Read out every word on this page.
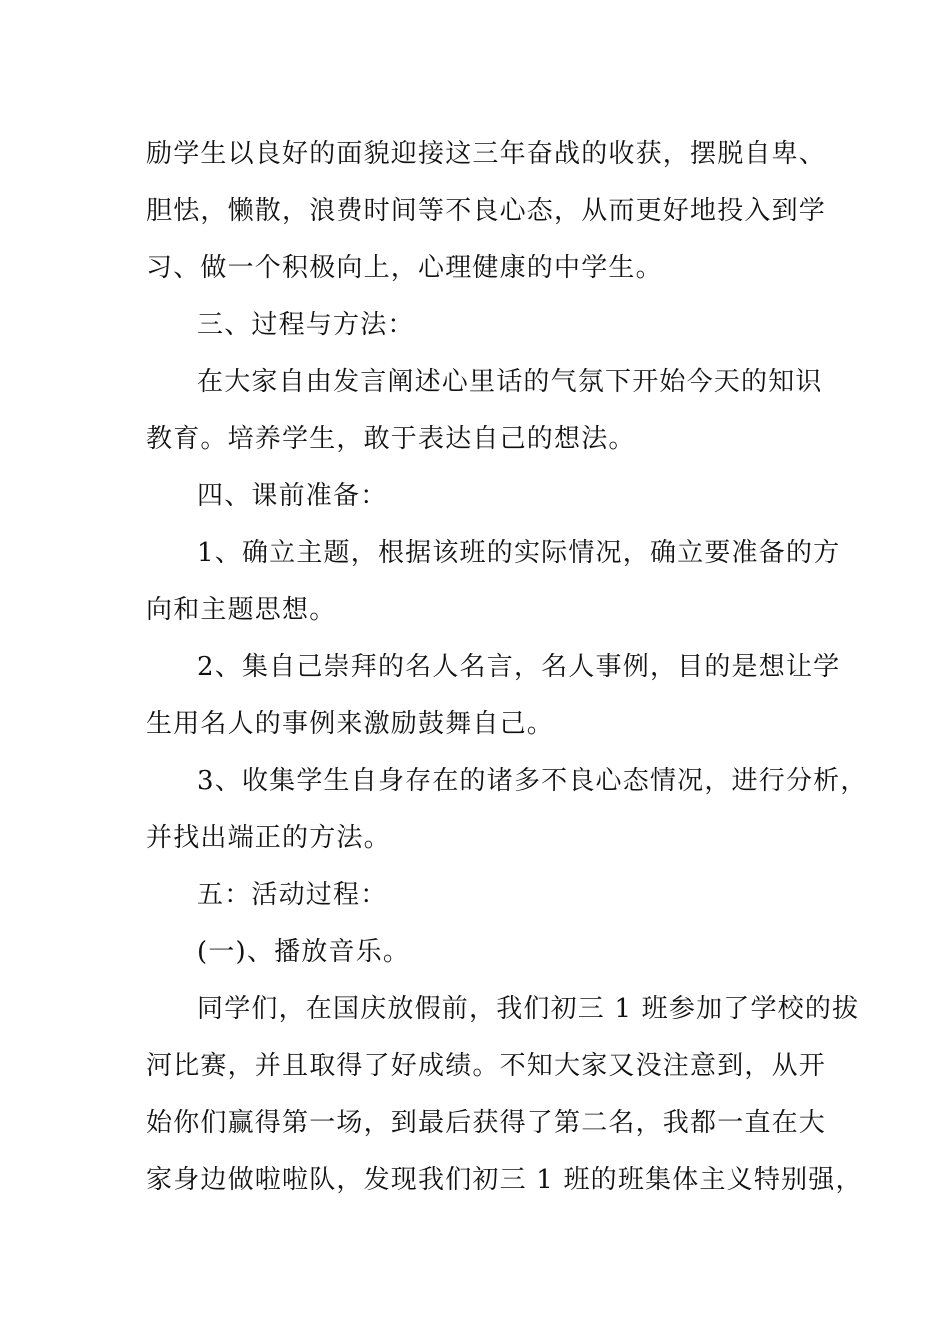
励学生以良好的面貌迎接这三年奋战的收获，摆脱自卑、
胆怯，懒散，浪费时间等不良心态，从而更好地投入到学
习、做一个积极向上，心理健康的中学生。
三、过程与方法：
在大家自由发言阐述心里话的气氛下开始今天的知识
教育。培养学生，敢于表达自己的想法。
四、课前准备：
1、确立主题，根据该班的实际情况，确立要准备的方
向和主题思想。
2、集自己崇拜的名人名言，名人事例，目的是想让学
生用名人的事例来激励鼓舞自己。
3、收集学生自身存在的诸多不良心态情况，进行分析，
并找出端正的方法。
五：活动过程：
(一)、播放音乐。
同学们，在国庆放假前，我们初三 1 班参加了学校的拔
河比赛，并且取得了好成绩。不知大家又没注意到，从开
始你们赢得第一场，到最后获得了第二名，我都一直在大
家身边做啦啦队，发现我们初三 1 班的班集体主义特别强，
